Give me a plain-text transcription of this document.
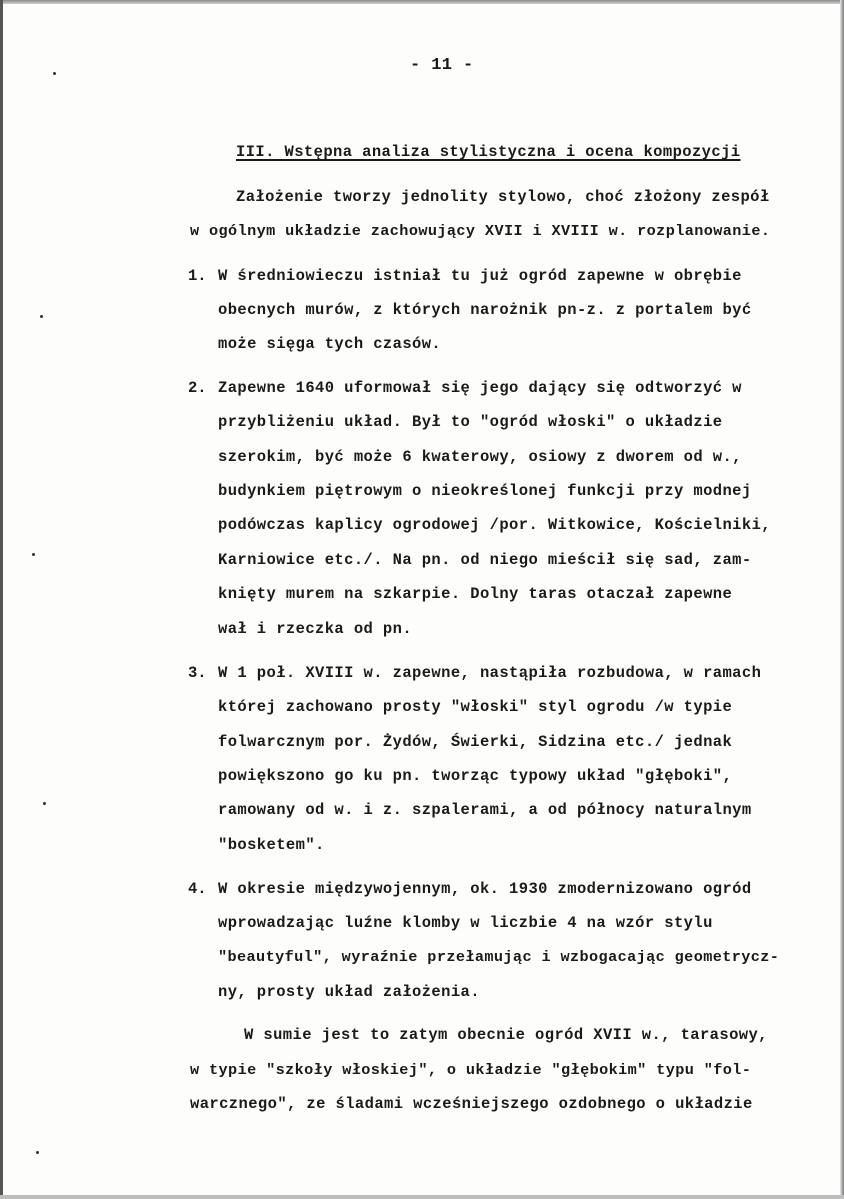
- 11 -
III. Wstępna analiza stylistyczna i ocena kompozycji
Założenie tworzy jednolity stylowo, choć złożony zespół
w ogólnym układzie zachowujący XVII i XVIII w. rozplanowanie.
1. W średniowieczu istniał tu już ogród zapewne w obrębie
obecnych murów, z których narożnik pn-z. z portalem być
może sięga tych czasów.
2. Zapewne 1640 uformował się jego dający się odtworzyć w
przybliżeniu układ. Był to "ogród włoski" o układzie
szerokim, być może 6 kwaterowy, osiowy z dworem od w.,
budynkiem piętrowym o nieokreślonej funkcji przy modnej
podówczas kaplicy ogrodowej /por. Witkowice, Kościelniki,
Karniowice etc./. Na pn. od niego mieścił się sad, zam-
knięty murem na szkarpie. Dolny taras otaczał zapewne
wał i rzeczka od pn.
3. W 1 poł. XVIII w. zapewne, nastąpiła rozbudowa, w ramach
której zachowano prosty "włoski" styl ogrodu /w typie
folwarcznym por. Żydów, Świerki, Sidzina etc./ jednak
powiększono go ku pn. tworząc typowy układ "głęboki",
ramowany od w. i z. szpalerami, a od północy naturalnym
"bosketem".
4. W okresie międzywojennym, ok. 1930 zmodernizowano ogród
wprowadzając luźne klomby w liczbie 4 na wzór stylu
"beautyful", wyraźnie przełamując i wzbogacając geometrycz-
ny, prosty układ założenia.
W sumie jest to zatym obecnie ogród XVII w., tarasowy,
w typie "szkoły włoskiej", o układzie "głębokim" typu "fol-
warcznego", ze śladami wcześniejszego ozdobnego o układzie
